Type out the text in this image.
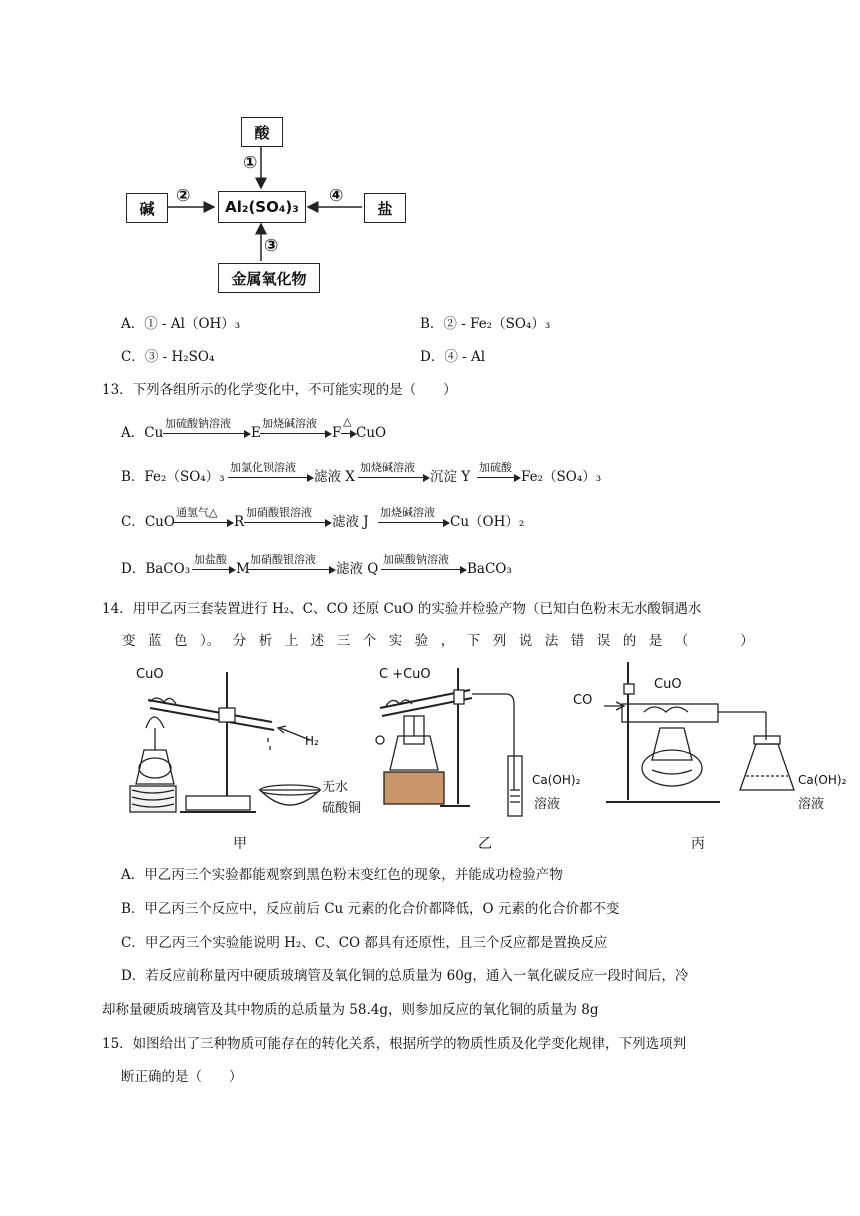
酸
碱	Al₂(SO₄)₃	盐
金属氧化物
①
②	④
③
A．① - Al（OH）₃	B．② - Fe₂（SO₄）₃
C．③ - H₂SO₄	D．④ - Al
13．下列各组所示的化学变化中，不可能实现的是（　　）
A．Cu
加硫酸钠溶液
E
加烧碱溶液
F
△
CuO
B．Fe₂（SO₄）₃
加氯化钡溶液
滤液 X
加烧碱溶液
沉淀 Y
加硫酸
→ Fe₂（SO₄）₃
C．CuO
通氢气△
→ R
加硝酸银溶液
滤液 J
加烧碱溶液
Cu（OH）₂
D．BaCO₃
加盐酸
→ M
加硝酸银溶液
滤液 Q
加碳酸钠溶液
BaCO₃
14．用甲乙丙三套装置进行 H₂、C、CO 还原 CuO 的实验并检验产物（已知白色粉末无水酸铜遇水
变 蓝 色 ）。 分 析 上 述 三 个 实 验 ， 下 列 说 法 错 误 的 是 （
　　	）
CuO
H₂
无水
硫酸铜
C +CuO
Ca(OH)₂
溶液
CO
CuO
Ca(OH)₂
溶液
甲	乙	丙
A．甲乙丙三个实验都能观察到黑色粉末变红色的现象，并能成功检验产物
B．甲乙丙三个反应中，反应前后 Cu 元素的化合价都降低，O 元素的化合价都不变
C．甲乙丙三个实验能说明 H₂、C、CO 都具有还原性，且三个反应都是置换反应
D．若反应前称量丙中硬质玻璃管及氧化铜的总质量为 60g，通入一氧化碳反应一段时间后，冷
却称量硬质玻璃管及其中物质的总质量为 58.4g，则参加反应的氧化铜的质量为 8g
15．如图给出了三种物质可能存在的转化关系，根据所学的物质性质及化学变化规律，下列选项判
断正确的是（　　）
